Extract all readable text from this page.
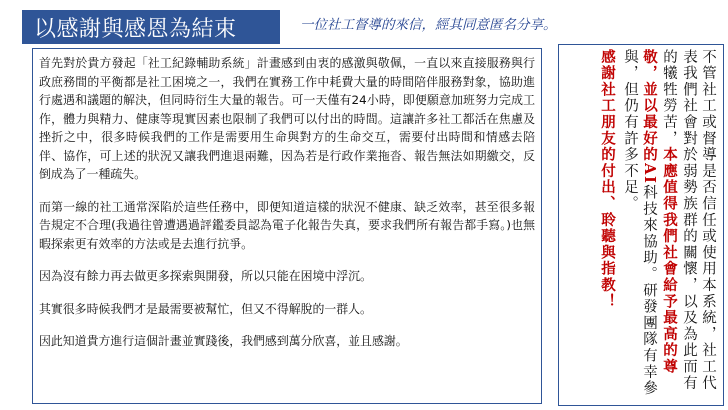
以感謝與感恩為結束	一位社工督導的來信，經其同意匿名分享。

首先對於貴方發起「社工紀錄輔助系統」計畫感到由衷的感激與敬佩，一直以來直接服務與行政庶務間的平衡都是社工困境之一，我們在實務工作中耗費大量的時間陪伴服務對象，協助進行處遇和議題的解決，但同時衍生大量的報告。可一天僅有24小時，即便願意加班努力完成工作，體力與精力、健康等現實因素也限制了我們可以付出的時間。這讓許多社工都活在焦慮及挫折之中，很多時候我們的工作是需要用生命與對方的生命交互，需要付出時間和情感去陪伴、協作，可上述的狀況又讓我們進退兩難，因為若是行政作業拖沓、報告無法如期繳交，反倒成為了一種疏失。

而第一線的社工通常深陷於這些任務中，即便知道這樣的狀況不健康、缺乏效率，甚至很多報告規定不合理(我過往曾遭遇過評鑑委員認為電子化報告失真，要求我們所有報告都手寫。)也無暇探索更有效率的方法或是去進行抗爭。

因為沒有餘力再去做更多探索與開發，所以只能在困境中浮沉。

其實很多時候我們才是最需要被幫忙，但又不得解脫的一群人。

因此知道貴方進行這個計畫並實踐後，我們感到萬分欣喜，並且感謝。	不管社工或督導是否信任或使用本系統，社工代表我們社會對於弱勢族群的關懷，以及為此而有的犧牲勞苦，本應值得我們社會給予最高的尊敬，並以最好的AI科技來協助。研發團隊有幸參與，但仍有許多不足。
感謝社工朋友的付出、聆聽與指教！
